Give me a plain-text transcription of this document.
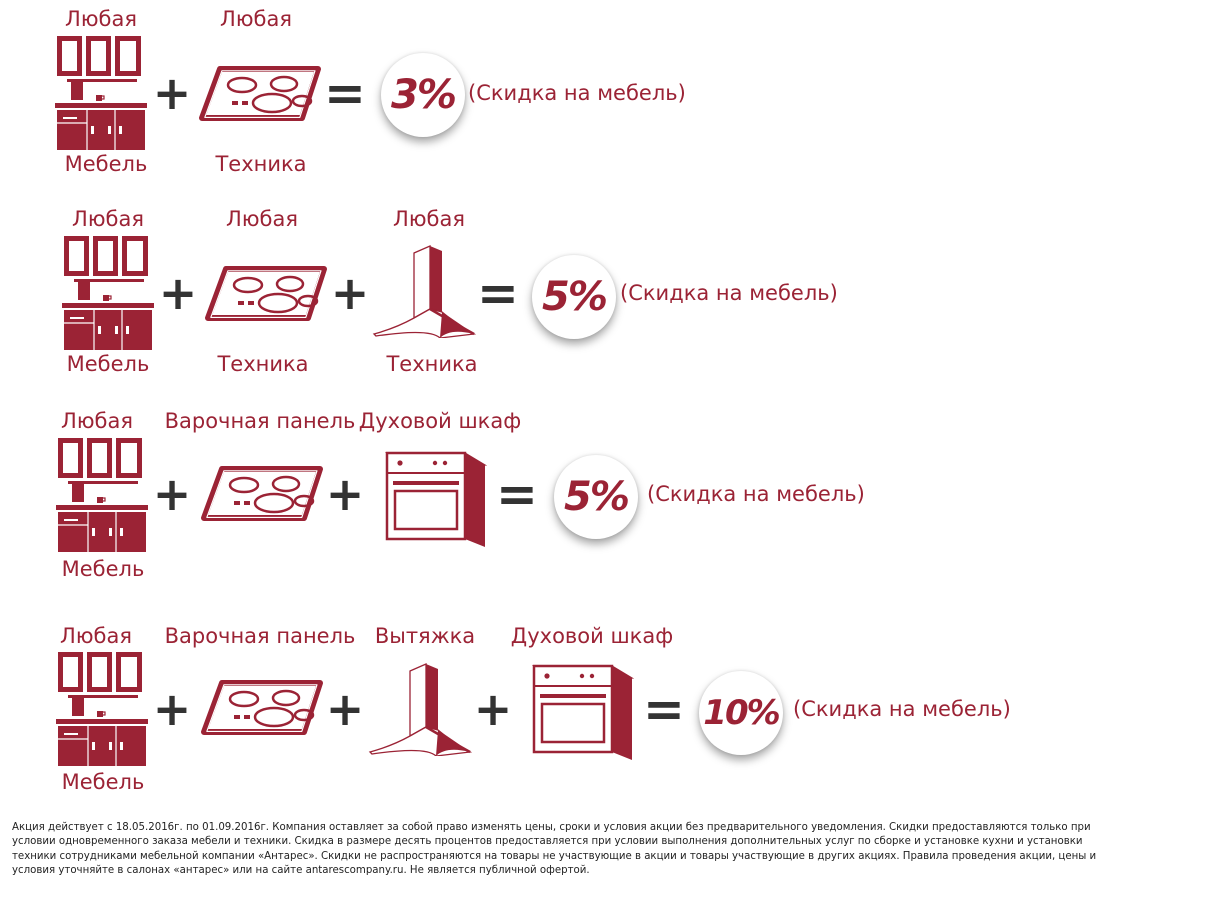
Любая
Мебель
+
Любая
Техника
= 3% (Скидка на мебель)
Любая
Мебель
+
Любая
Техника
+
Любая
Техника
= 5% (Скидка на мебель)
Любая
Мебель
+
Варочная панель
+
Духовой шкаф
= 5% (Скидка на мебель)
Любая
Мебель
+
Варочная панель
+
Вытяжка
+
Духовой шкаф
= 10% (Скидка на мебель)
Акция действует с 18.05.2016г. по 01.09.2016г. Компания оставляет за собой право изменять цены, сроки и условия акции без предварительного уведомления. Скидки предоставляются только при условии одновременного заказа мебели и техники. Скидка в размере десять процентов предоставляется при условии выполнения дополнительных услуг по сборке и установке кухни и установки техники сотрудниками мебельной компании «Антарес». Скидки не распространяются на товары не участвующие в акции и товары участвующие в других акциях. Правила проведения акции, цены и условия уточняйте в салонах «антарес» или на сайте antarescompany.ru. Не является публичной офертой.
